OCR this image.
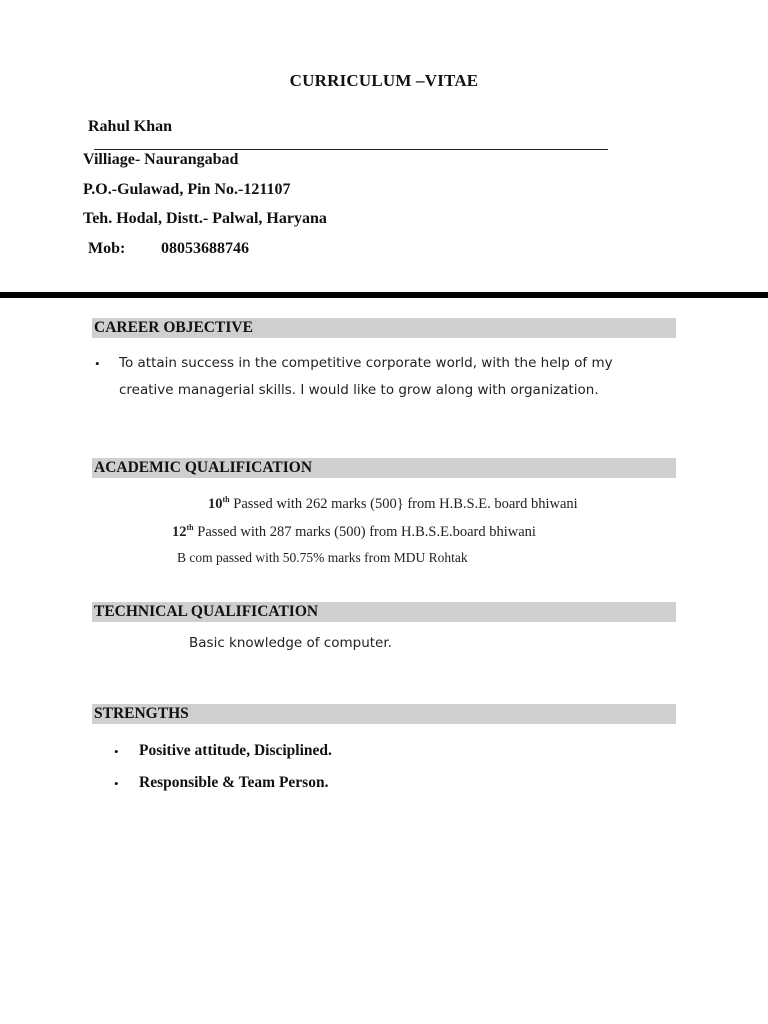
CURRICULUM –VITAE
Rahul Khan
Villiage- Naurangabad
P.O.-Gulawad, Pin No.-121107
Teh. Hodal, Distt.- Palwal, Haryana
Mob: 08053688746
CAREER OBJECTIVE
• To attain success in the competitive corporate world, with the help of my
creative managerial skills. I would like to grow along with organization.
ACADEMIC QUALIFICATION
10th Passed with 262 marks (500} from H.B.S.E. board bhiwani
12th Passed with 287 marks (500) from H.B.S.E.board bhiwani
B com passed with 50.75% marks from MDU Rohtak
TECHNICAL QUALIFICATION
Basic knowledge of computer.
STRENGTHS
• Positive attitude, Disciplined.
• Responsible & Team Person.
